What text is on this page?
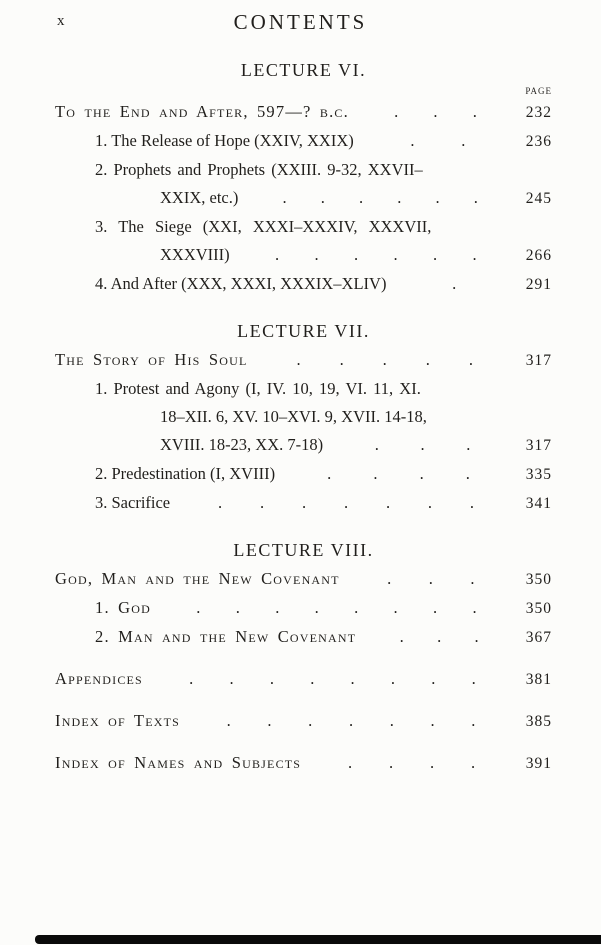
x	CONTENTS
LECTURE VI.
PAGE
To the End and After, 597—? b.c.	. . .	232
1. The Release of Hope (XXIV, XXIX)	.	.	236
2. Prophets and Prophets (XXIII. 9-32, XXVII–
XXIX, etc.)	. . . . . .	245
3. The Siege (XXI, XXXI–XXXIV, XXXVII,
XXXVIII)	. . . . . .	266
4. And After (XXX, XXXI, XXXIX–XLIV)	.	291
LECTURE VII.
The Story of His Soul	. . . . .	317
1. Protest and Agony (I, IV. 10, 19, VI. 11, XI.
18–XII. 6, XV. 10–XVI. 9, XVII. 14-18,
XVIII. 18-23, XX. 7-18)	.	.	.	317
2. Predestination (I, XVIII)	.	.	.	.	335
3. Sacrifice	. . . . . . .	341
LECTURE VIII.
God, Man and the New Covenant	. . .	350
1. God	. . . . . . . .	350
2. Man and the New Covenant	. . .	367
Appendices	. . . . . . . .	381
Index of Texts	. . . . . . .	385
Index of Names and Subjects	. . . .	391
